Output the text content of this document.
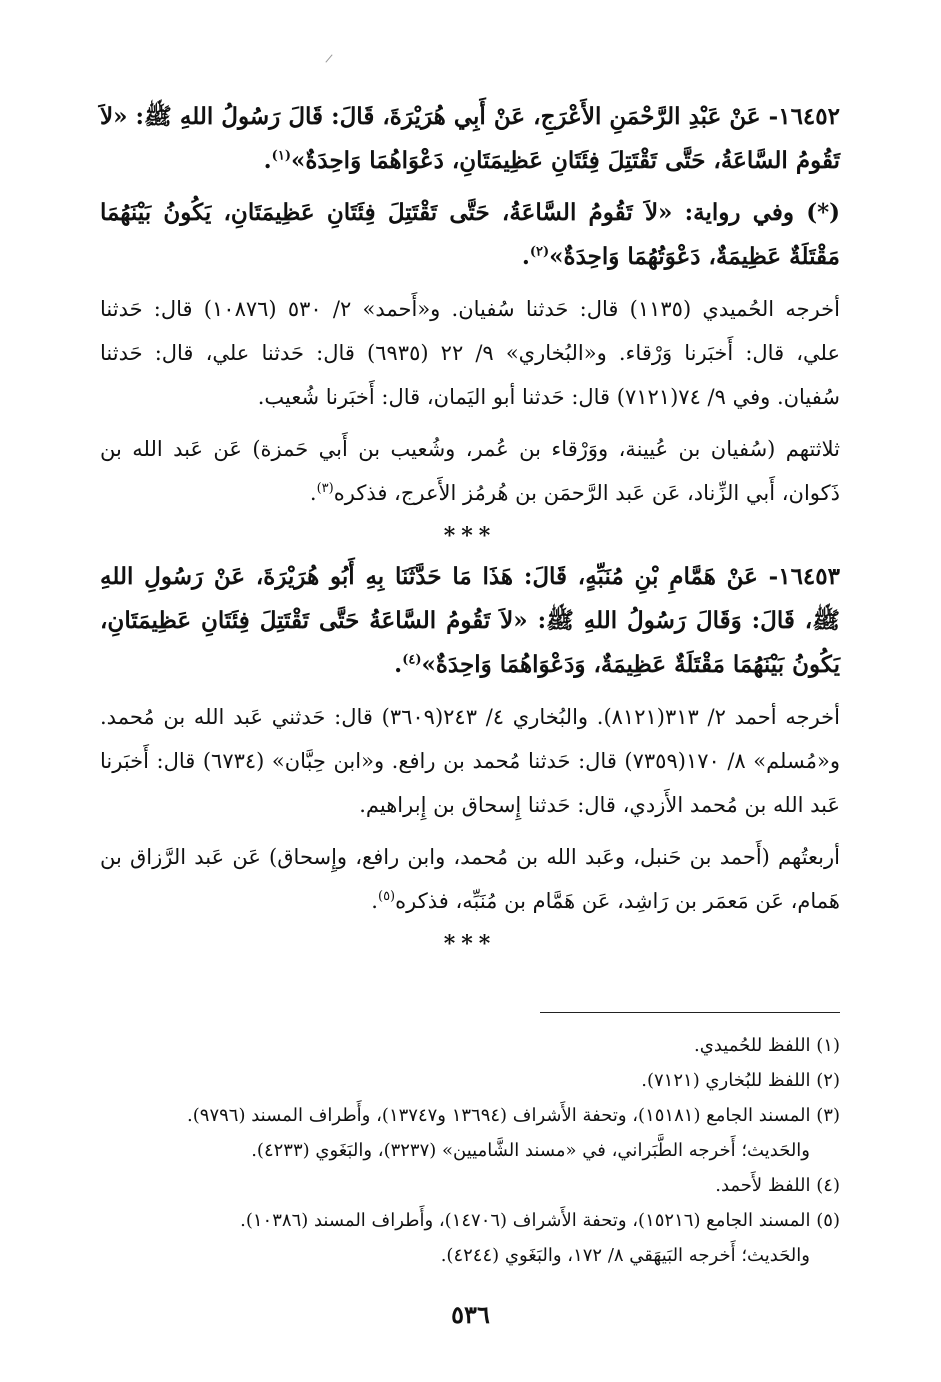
١٦٤٥٢- عَنْ عَبْدِ الرَّحْمَنِ الأَعْرَجِ، عَنْ أَبِي هُرَيْرَةَ، قَالَ: قَالَ رَسُولُ اللهِ ﷺ: «لاَ تَقُومُ السَّاعَةُ، حَتَّى تَقْتَتِلَ فِئَتَانِ عَظِيمَتَانِ، دَعْوَاهُمَا وَاحِدَةٌ»$^{(١)}$.

(*) وفي رواية: «لاَ تَقُومُ السَّاعَةُ، حَتَّى تَقْتَتِلَ فِئَتَانِ عَظِيمَتَانِ، يَكُونُ بَيْنَهُمَا مَقْتَلَةٌ عَظِيمَةٌ، دَعْوَتُهُمَا وَاحِدَةٌ»$^{(٢)}$.

أخرجه الحُميدي (١١٣٥) قال: حَدثنا سُفيان. و«أَحمد» ٢/ ٥٣٠ (١٠٨٧٦) قال: حَدثنا علي، قال: أَخبَرنا وَرْقاء. و«البُخاري» ٩/ ٢٢ (٦٩٣٥) قال: حَدثنا علي، قال: حَدثنا سُفيان. وفي ٩/ ٧٤(٧١٢١) قال: حَدثنا أبو اليَمان، قال: أَخبَرنا شُعيب.

ثلاثتهم (سُفيان بن عُيينة، ووَرْقاء بن عُمر، وشُعيب بن أَبي حَمزة) عَن عَبد الله بن ذَكوان، أَبي الزِّناد، عَن عَبد الرَّحمَن بن هُرمُز الأَعرج، فذكره$^{(٣)}$.

***

١٦٤٥٣- عَنْ هَمَّامِ بْنِ مُنَبِّهٍ، قَالَ: هَذَا مَا حَدَّثَنَا بِهِ أَبُو هُرَيْرَةَ، عَنْ رَسُولِ اللهِ ﷺ، قَالَ: وَقَالَ رَسُولُ اللهِ ﷺ: «لاَ تَقُومُ السَّاعَةُ حَتَّى تَقْتَتِلَ فِئَتَانِ عَظِيمَتَانِ، يَكُونُ بَيْنَهُمَا مَقْتَلَةٌ عَظِيمَةٌ، وَدَعْوَاهُمَا وَاحِدَةٌ»$^{(٤)}$.

أخرجه أحمد ٢/ ٣١٣(٨١٢١). والبُخاري ٤/ ٢٤٣(٣٦٠٩) قال: حَدثني عَبد الله بن مُحمد. و«مُسلم» ٨/ ١٧٠(٧٣٥٩) قال: حَدثنا مُحمد بن رافع. و«ابن حِبَّان» (٦٧٣٤) قال: أَخبَرنا عَبد الله بن مُحمد الأَزدي، قال: حَدثنا إِسحاق بن إِبراهيم.

أربعتُهم (أَحمد بن حَنبل، وعَبد الله بن مُحمد، وابن رافع، وإِسحاق) عَن عَبد الرَّزاق بن هَمام، عَن مَعمَر بن رَاشِد، عَن هَمَّام بن مُنَبِّه، فذكره$^{(٥)}$.

***

(١) اللفظ للحُميدي.

(٢) اللفظ للبُخاري (٧١٢١).

(٣) المسند الجامع (١٥١٨١)، وتحفة الأَشراف (١٣٦٩٤ و١٣٧٤٧)، وأَطراف المسند (٩٧٩٦).

والحَديث؛ أَخرجه الطَّبَراني، في «مسند الشَّاميين» (٣٢٣٧)، والبَغَوي (٤٢٣٣).

(٤) اللفظ لأَحمد.

(٥) المسند الجامع (١٥٢١٦)، وتحفة الأَشراف (١٤٧٠٦)، وأَطراف المسند (١٠٣٨٦).

والحَديث؛ أَخرجه البَيهَقي ٨/ ١٧٢، والبَغَوي (٤٢٤٤).

٥٣٦
